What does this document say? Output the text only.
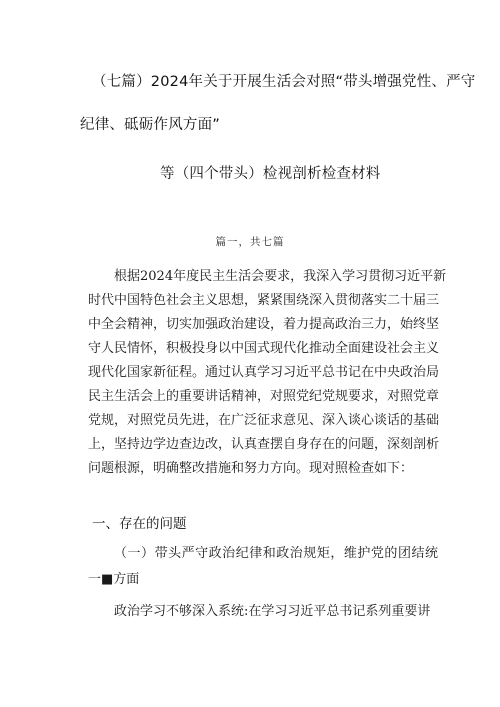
（七篇）2024年关于开展生活会对照“带头增强党性、严守
纪律、砥砺作风方面”
等（四个带头）检视剖析检查材料
篇一，共七篇
根据2024年度民主生活会要求，我深入学习贯彻习近平新
时代中国特色社会主义思想，紧紧围绕深入贯彻落实二十届三
中全会精神，切实加强政治建设，着力提高政治三力，始终坚
守人民情怀，积极投身以中国式现代化推动全面建设社会主义
现代化国家新征程。通过认真学习习近平总书记在中央政治局
民主生活会上的重要讲话精神，对照党纪党规要求，对照党章
党规，对照党员先进，在广泛征求意见、深入谈心谈话的基础
上，坚持边学边查边改，认真查摆自身存在的问题，深刻剖析
问题根源，明确整改措施和努力方向。现对照检查如下：
一、存在的问题
（一）带头严守政治纪律和政治规矩，维护党的团结统
一■方面
政治学习不够深入系统:在学习习近平总书记系列重要讲
